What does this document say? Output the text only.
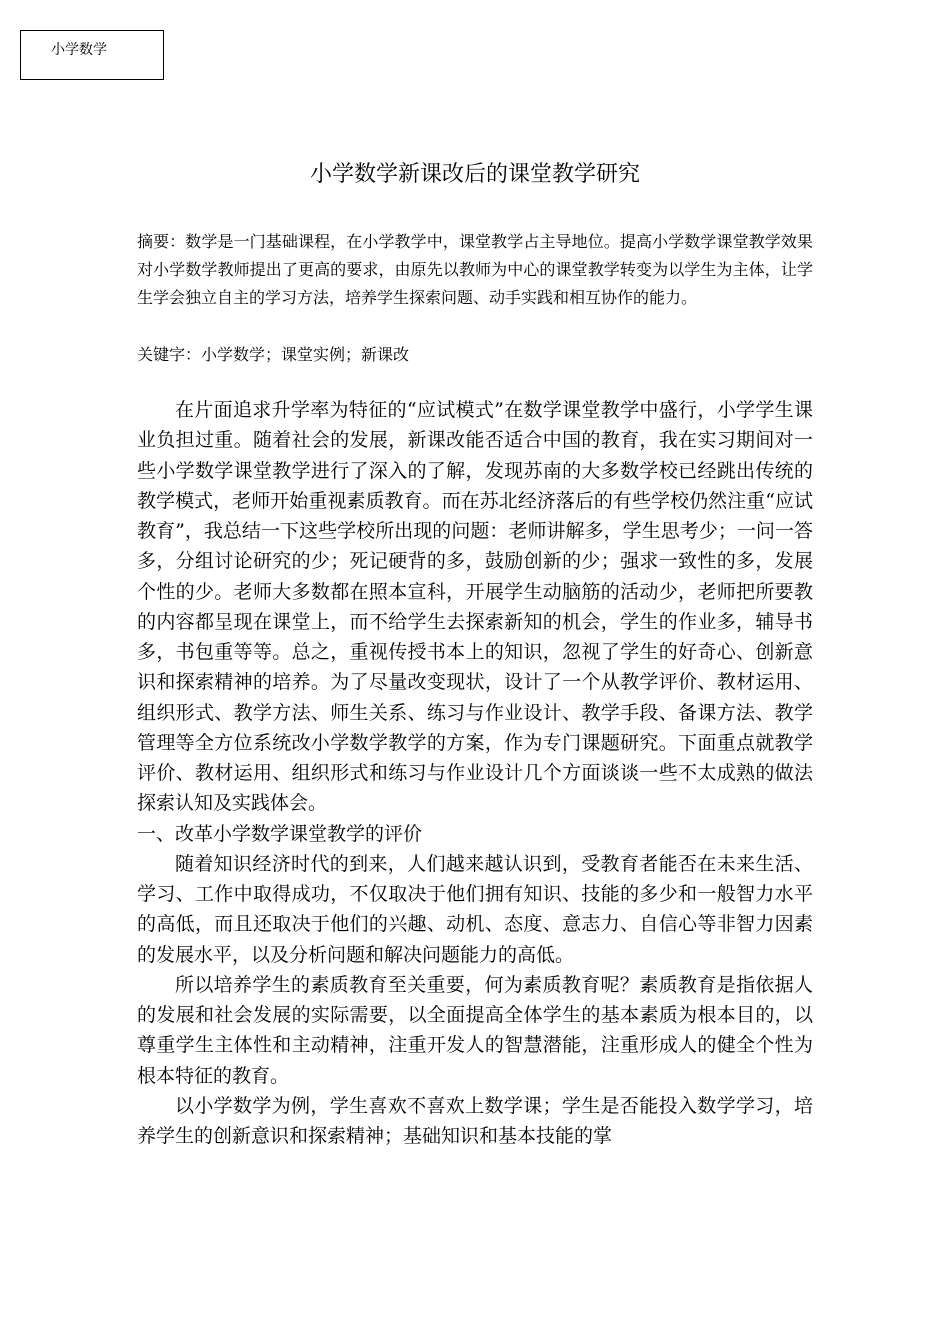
小学数学
小学数学新课改后的课堂教学研究

摘要：数学是一门基础课程，在小学教学中，课堂教学占主导地位。提高小学数学课堂教学效果对小学数学教师提出了更高的要求，由原先以教师为中心的课堂教学转变为以学生为主体，让学生学会独立自主的学习方法，培养学生探索问题、动手实践和相互协作的能力。

关键字：小学数学；课堂实例；新课改

在片面追求升学率为特征的“应试模式”在数学课堂教学中盛行，小学学生课业负担过重。随着社会的发展，新课改能否适合中国的教育，我在实习期间对一些小学数学课堂教学进行了深入的了解，发现苏南的大多数学校已经跳出传统的教学模式，老师开始重视素质教育。而在苏北经济落后的有些学校仍然注重“应试教育”，我总结一下这些学校所出现的问题：老师讲解多，学生思考少；一问一答多，分组讨论研究的少；死记硬背的多，鼓励创新的少；强求一致性的多，发展个性的少。老师大多数都在照本宣科，开展学生动脑筋的活动少，老师把所要教的内容都呈现在课堂上，而不给学生去探索新知的机会，学生的作业多，辅导书多，书包重等等。总之，重视传授书本上的知识，忽视了学生的好奇心、创新意识和探索精神的培养。为了尽量改变现状，设计了一个从教学评价、教材运用、组织形式、教学方法、师生关系、练习与作业设计、教学手段、备课方法、教学管理等全方位系统改小学数学教学的方案，作为专门课题研究。下面重点就教学评价、教材运用、组织形式和练习与作业设计几个方面谈谈一些不太成熟的做法探索认知及实践体会。

一、改革小学数学课堂教学的评价

随着知识经济时代的到来，人们越来越认识到，受教育者能否在未来生活、学习、工作中取得成功，不仅取决于他们拥有知识、技能的多少和一般智力水平的高低，而且还取决于他们的兴趣、动机、态度、意志力、自信心等非智力因素的发展水平，以及分析问题和解决问题能力的高低。

所以培养学生的素质教育至关重要，何为素质教育呢？素质教育是指依据人的发展和社会发展的实际需要，以全面提高全体学生的基本素质为根本目的，以尊重学生主体性和主动精神，注重开发人的智慧潜能，注重形成人的健全个性为根本特征的教育。

以小学数学为例，学生喜欢不喜欢上数学课；学生是否能投入数学学习，培养学生的创新意识和探索精神；基础知识和基本技能的掌
